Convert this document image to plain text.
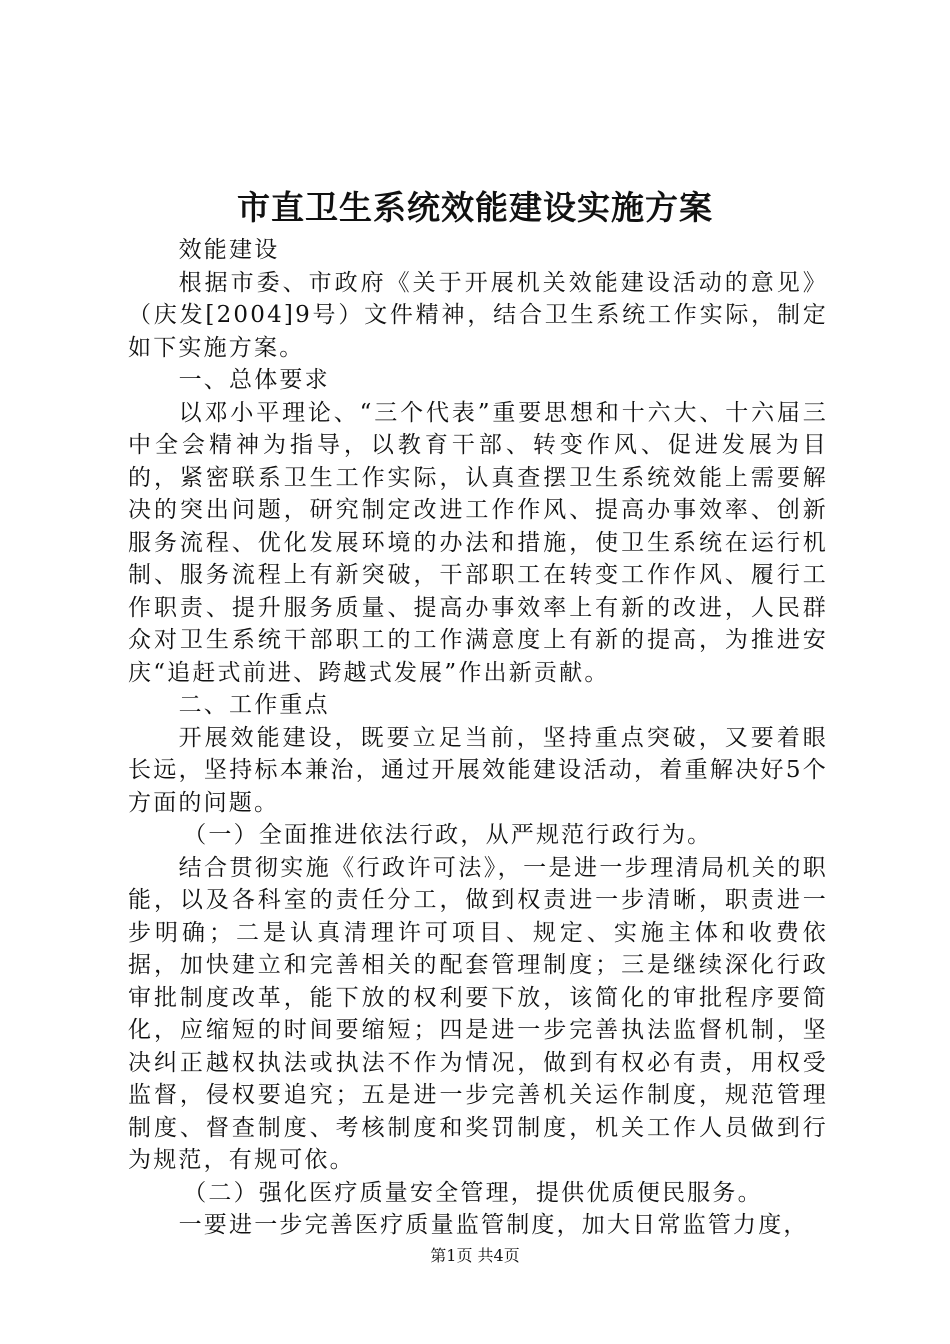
市直卫生系统效能建设实施方案

效能建设

根据市委、市政府《关于开展机关效能建设活动的意见》（庆发[2004]9号）文件精神，结合卫生系统工作实际，制定如下实施方案。

一、总体要求

以邓小平理论、“三个代表”重要思想和十六大、十六届三中全会精神为指导，以教育干部、转变作风、促进发展为目的，紧密联系卫生工作实际，认真查摆卫生系统效能上需要解决的突出问题，研究制定改进工作作风、提高办事效率、创新服务流程、优化发展环境的办法和措施，使卫生系统在运行机制、服务流程上有新突破，干部职工在转变工作作风、履行工作职责、提升服务质量、提高办事效率上有新的改进，人民群众对卫生系统干部职工的工作满意度上有新的提高，为推进安庆“追赶式前进、跨越式发展”作出新贡献。

二、工作重点

开展效能建设，既要立足当前，坚持重点突破，又要着眼长远，坚持标本兼治，通过开展效能建设活动，着重解决好5个方面的问题。

（一）全面推进依法行政，从严规范行政行为。

结合贯彻实施《行政许可法》，一是进一步理清局机关的职能，以及各科室的责任分工，做到权责进一步清晰，职责进一步明确；二是认真清理许可项目、规定、实施主体和收费依据，加快建立和完善相关的配套管理制度；三是继续深化行政审批制度改革，能下放的权利要下放，该简化的审批程序要简化，应缩短的时间要缩短；四是进一步完善执法监督机制，坚决纠正越权执法或执法不作为情况，做到有权必有责，用权受监督，侵权要追究；五是进一步完善机关运作制度，规范管理制度、督查制度、考核制度和奖罚制度，机关工作人员做到行为规范，有规可依。

（二）强化医疗质量安全管理，提供优质便民服务。

一要进一步完善医疗质量监管制度，加大日常监管力度，

第1页 共4页
